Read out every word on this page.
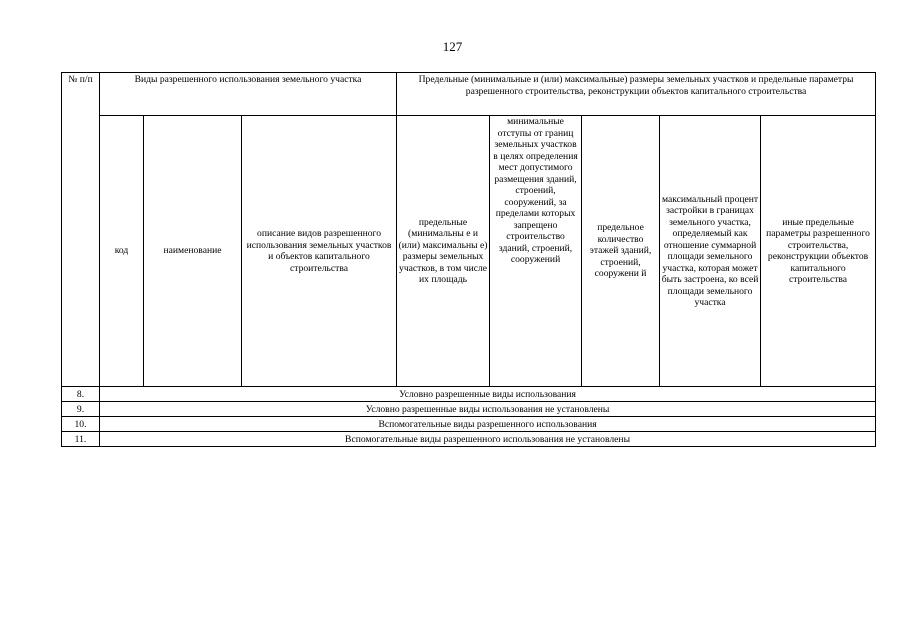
127
№ п/п	Виды разрешенного использования земельного участка			Предельные (минимальные и (или) максимальные) размеры земельных участков и предельные параметры разрешенного строительства, реконструкции объектов капитального строительства				
	код	наименование	описание видов разрешенного использования земельных участков и объектов капитального строительства	предельные (минимальны е и (или) максимальны е) размеры земельных участков, в том числе их площадь	минимальные отступы от границ земельных участков в целях определения мест допустимого размещения зданий, строений, сооружений, за пределами которых запрещено строительство зданий, строений, сооружений	предельное количество этажей зданий, строений, сооружени й	максимальный процент застройки в границах земельного участка, определяемый как отношение суммарной площади земельного участка, которая может быть застроена, ко всей площади земельного участка	иные предельные параметры разрешенного строительства, реконструкции объектов капитального строительства
8.	Условно разрешенные виды использования							
9.	Условно разрешенные виды использования не установлены							
10.	Вспомогательные виды разрешенного использования							
11.	Вспомогательные виды разрешенного использования не установлены							
